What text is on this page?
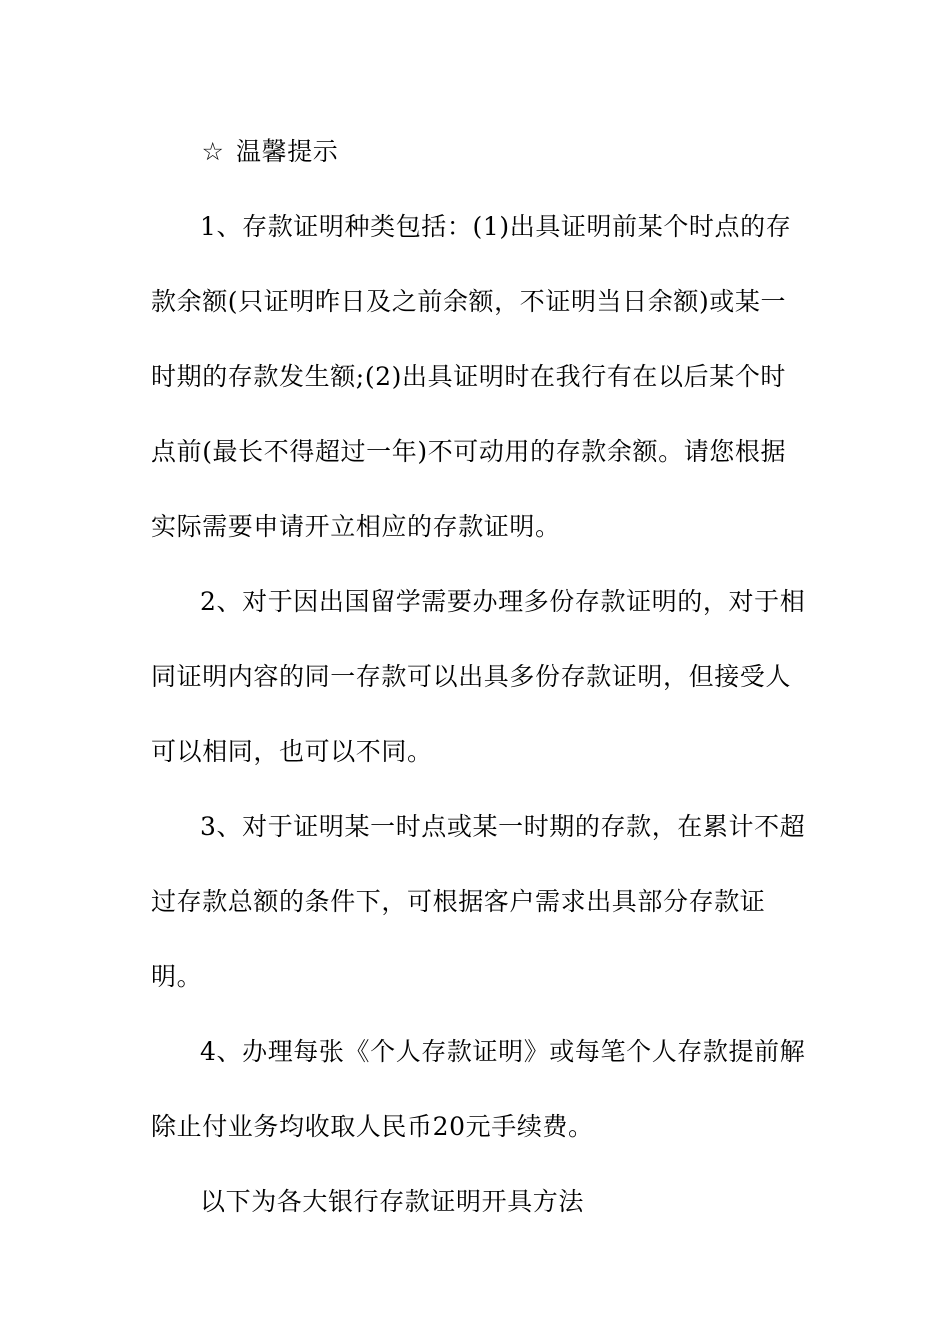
☆ 温馨提示
1、存款证明种类包括：(1)出具证明前某个时点的存
款余额(只证明昨日及之前余额，不证明当日余额)或某一
时期的存款发生额;(2)出具证明时在我行有在以后某个时
点前(最长不得超过一年)不可动用的存款余额。请您根据
实际需要申请开立相应的存款证明。
2、对于因出国留学需要办理多份存款证明的，对于相
同证明内容的同一存款可以出具多份存款证明，但接受人
可以相同，也可以不同。
3、对于证明某一时点或某一时期的存款，在累计不超
过存款总额的条件下，可根据客户需求出具部分存款证
明。
4、办理每张《个人存款证明》或每笔个人存款提前解
除止付业务均收取人民币20元手续费。
以下为各大银行存款证明开具方法
